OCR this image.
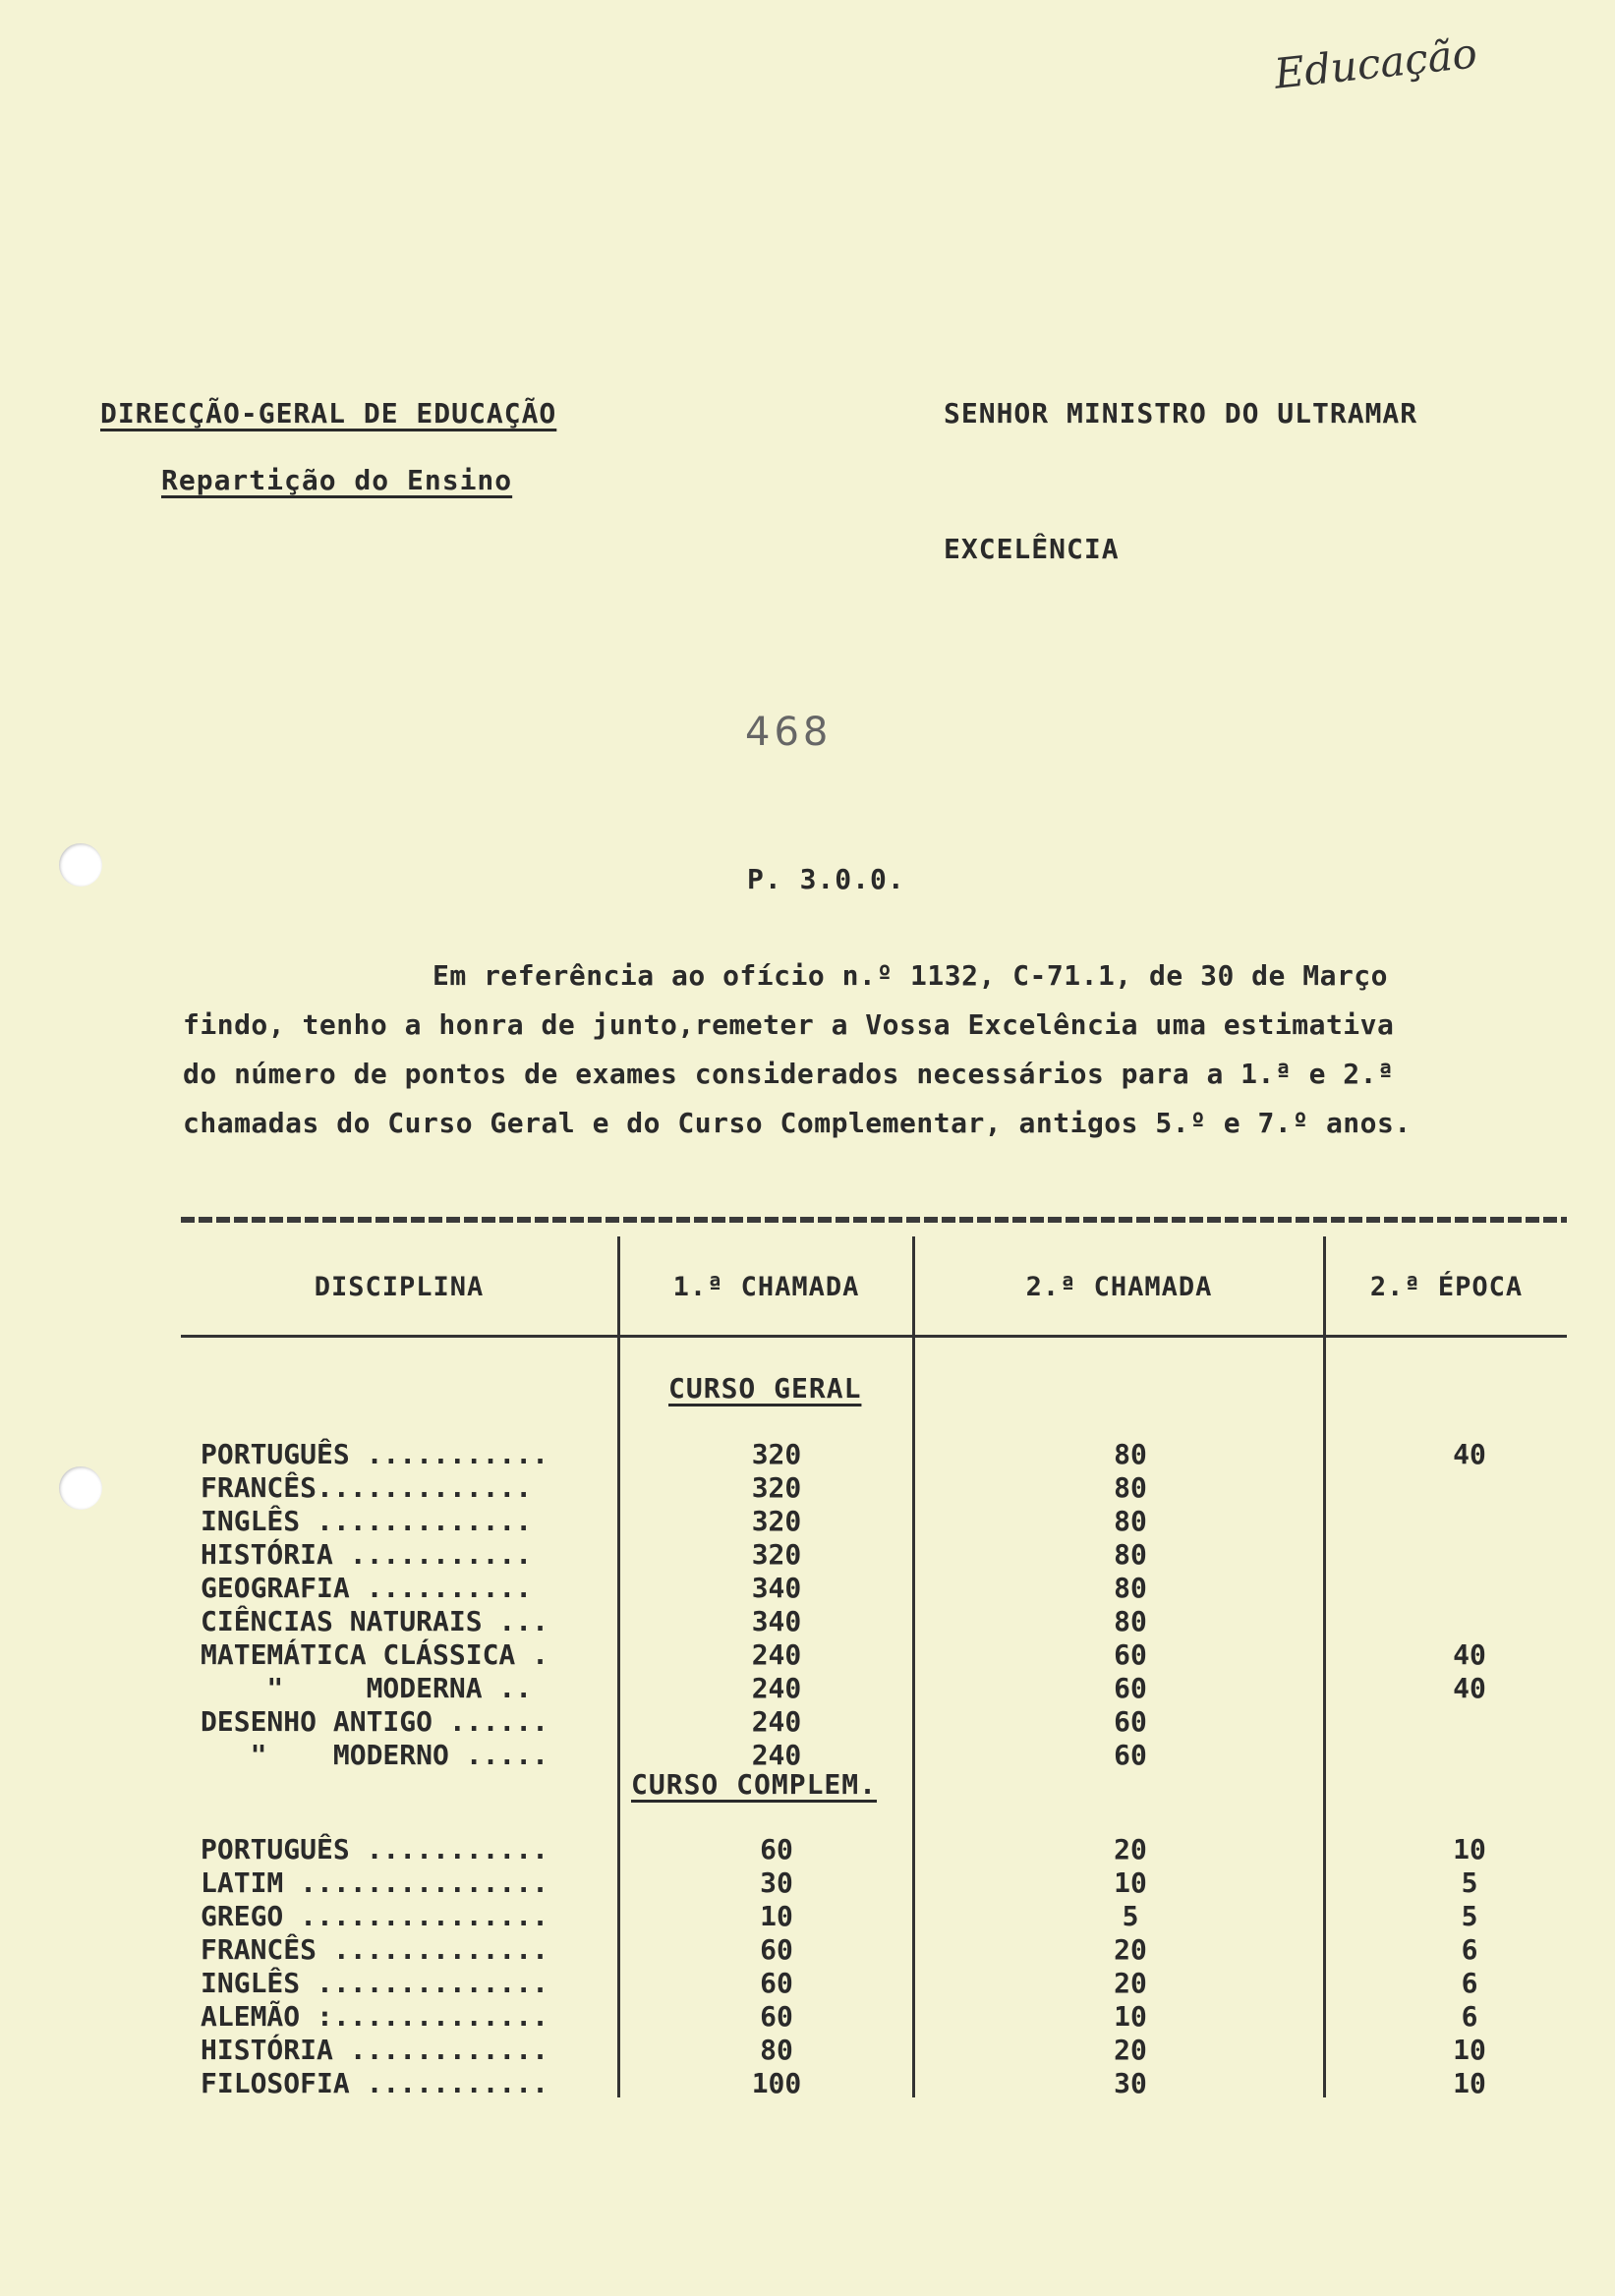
Educação
DIRECÇÃO-GERAL DE EDUCAÇÃO
Repartição do Ensino
SENHOR MINISTRO DO ULTRAMAR
EXCELÊNCIA
468
P. 3.0.0.
Em referência ao ofício n.º 1132, C-71.1, de 30 de Março
findo, tenho a honra de junto,remeter a Vossa Excelência uma estimativa
do número de pontos de exames considerados necessários para a 1.ª e 2.ª
chamadas do Curso Geral e do Curso Complementar, antigos 5.º e 7.º anos.
DISCIPLINA	1.ª CHAMADA	2.ª CHAMADA	2.ª ÉPOCA
CURSO GERAL
PORTUGUÊS ...........	320	80	40
FRANCÊS.............	320	80
INGLÊS .............	320	80
HISTÓRIA ...........	320	80
GEOGRAFIA ..........	340	80
CIÊNCIAS NATURAIS ...	340	80
MATEMÁTICA CLÁSSICA .	240	60	40
"     MODERNA ..	240	60	40
DESENHO ANTIGO ......	240	60
"    MODERNO .....	240	60
CURSO COMPLEM.
PORTUGUÊS ...........	60	20	10
LATIM ...............	30	10	5
GREGO ...............	10	5	5
FRANCÊS .............	60	20	6
INGLÊS ..............	60	20	6
ALEMÃO :.............	60	10	6
HISTÓRIA ............	80	20	10
FILOSOFIA ...........	100	30	10
